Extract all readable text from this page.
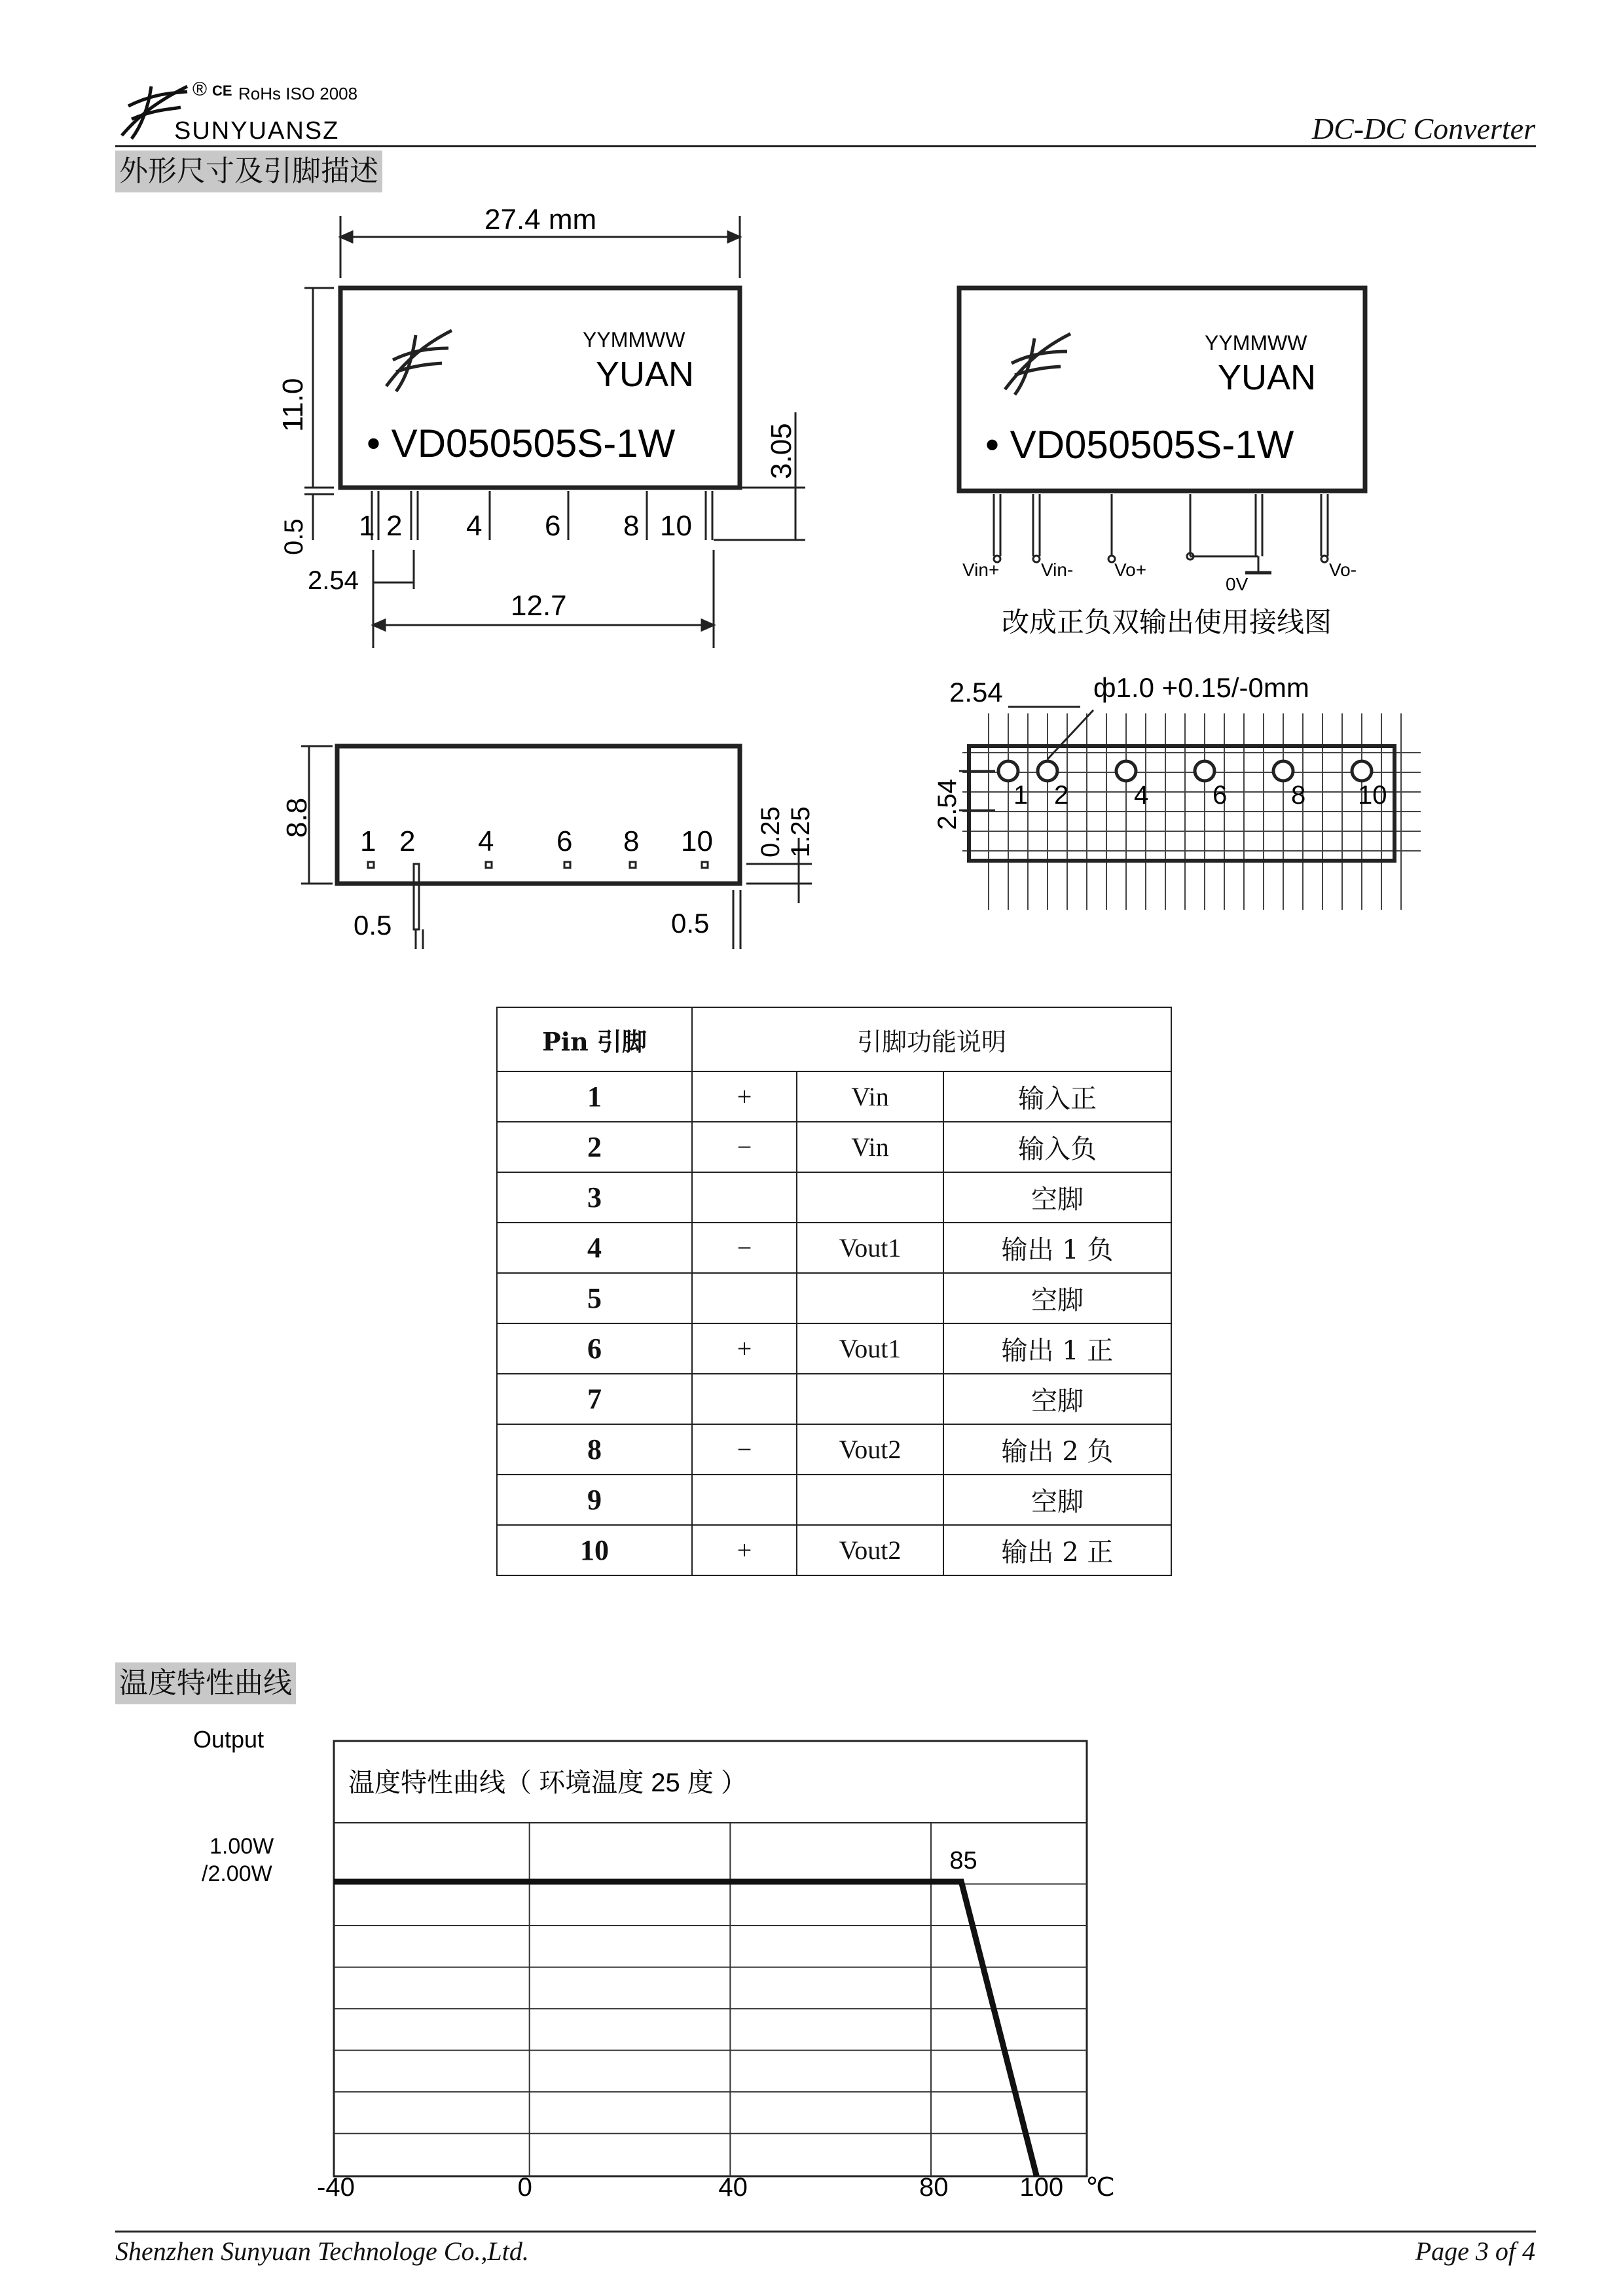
® CE RoHs ISO 2008
SUNYUANSZ	DC-DC Converter
外形尺寸及引脚描述
27.4 mm
11.0
3.05
0.5
2.54
12.7
YYMMWW
YUAN
• VD050505S-1W
1 2 4 6 8 10
YYMMWW
YUAN
• VD050505S-1W
Vin+ Vin- Vo+
0V
Vo-
改成正负双输出使用接线图
8.8
1 2 4 6 8 10 0.25 1.25
0.5	0.5
2.54	ф1.0 +0.15/-0mm
2.54 1 2 4 6 8 10
Pin 引脚	引脚功能说明		
1	+	Vin	输入正
2	−	Vin	输入负
3			空脚
4	−	Vout1	输出 1 负
5			空脚
6	+	Vout1	输出 1 正
7			空脚
8	−	Vout2	输出 2 负
9			空脚
10	+	Vout2	输出 2 正
温度特性曲线
Output
温度特性曲线（ 环境温度 25 度 ）
1.00W
/2.00W	85
-40	0	40	80	100 ℃
Shenzhen Sunyuan Technologe Co.,Ltd.	Page 3 of 4
